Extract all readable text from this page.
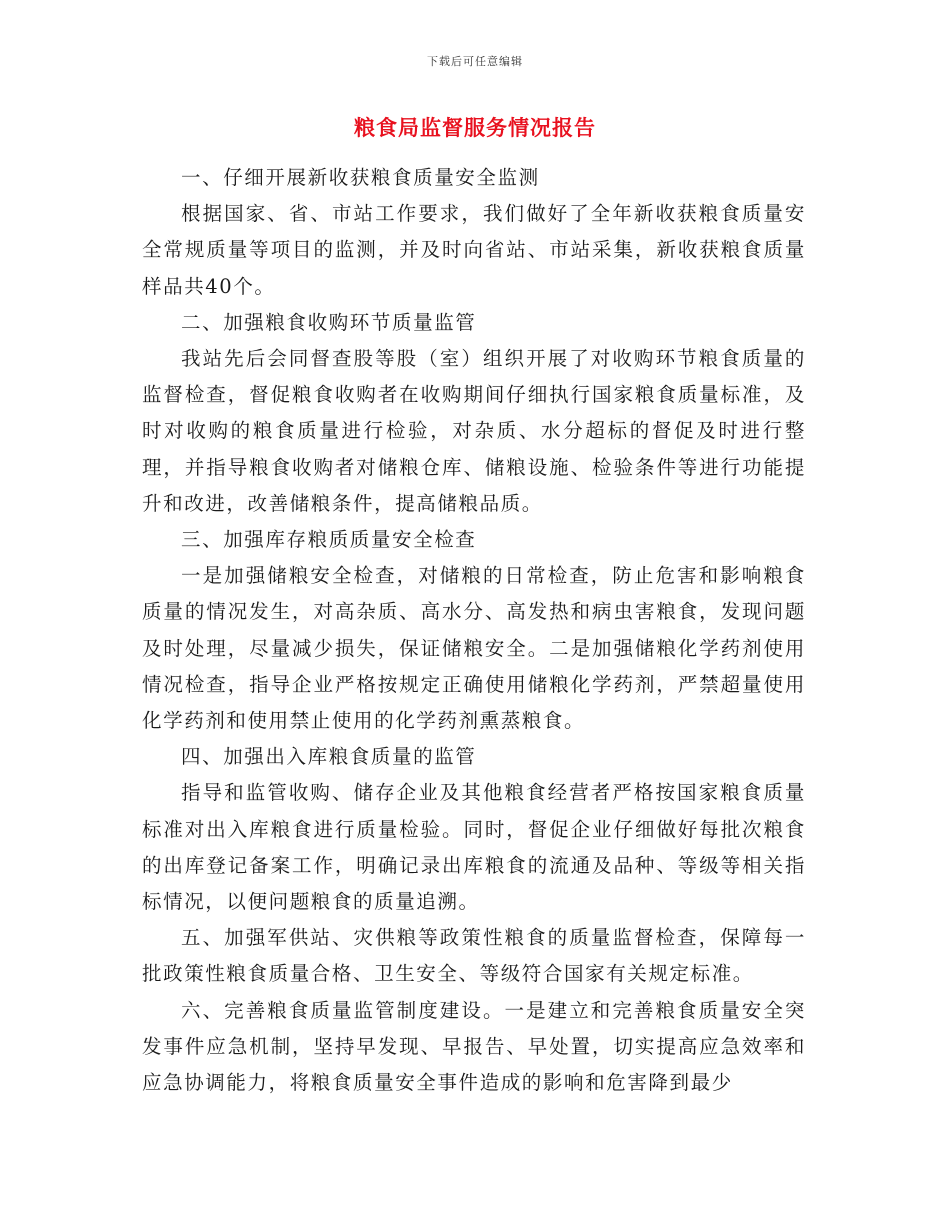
下载后可任意编辑
粮食局监督服务情况报告

一、仔细开展新收获粮食质量安全监测

根据国家、省、市站工作要求，我们做好了全年新收获粮食质量安全常规质量等项目的监测，并及时向省站、市站采集，新收获粮食质量样品共40个。

二、加强粮食收购环节质量监管

我站先后会同督查股等股（室）组织开展了对收购环节粮食质量的监督检查，督促粮食收购者在收购期间仔细执行国家粮食质量标准，及时对收购的粮食质量进行检验，对杂质、水分超标的督促及时进行整理，并指导粮食收购者对储粮仓库、储粮设施、检验条件等进行功能提升和改进，改善储粮条件，提高储粮品质。

三、加强库存粮质质量安全检查

一是加强储粮安全检查，对储粮的日常检查，防止危害和影响粮食质量的情况发生，对高杂质、高水分、高发热和病虫害粮食，发现问题及时处理，尽量减少损失，保证储粮安全。二是加强储粮化学药剂使用情况检查，指导企业严格按规定正确使用储粮化学药剂，严禁超量使用化学药剂和使用禁止使用的化学药剂熏蒸粮食。

四、加强出入库粮食质量的监管

指导和监管收购、储存企业及其他粮食经营者严格按国家粮食质量标准对出入库粮食进行质量检验。同时，督促企业仔细做好每批次粮食的出库登记备案工作，明确记录出库粮食的流通及品种、等级等相关指标情况，以便问题粮食的质量追溯。

五、加强军供站、灾供粮等政策性粮食的质量监督检查，保障每一批政策性粮食质量合格、卫生安全、等级符合国家有关规定标准。

六、完善粮食质量监管制度建设。一是建立和完善粮食质量安全突发事件应急机制，坚持早发现、早报告、早处置，切实提高应急效率和应急协调能力，将粮食质量安全事件造成的影响和危害降到最少
